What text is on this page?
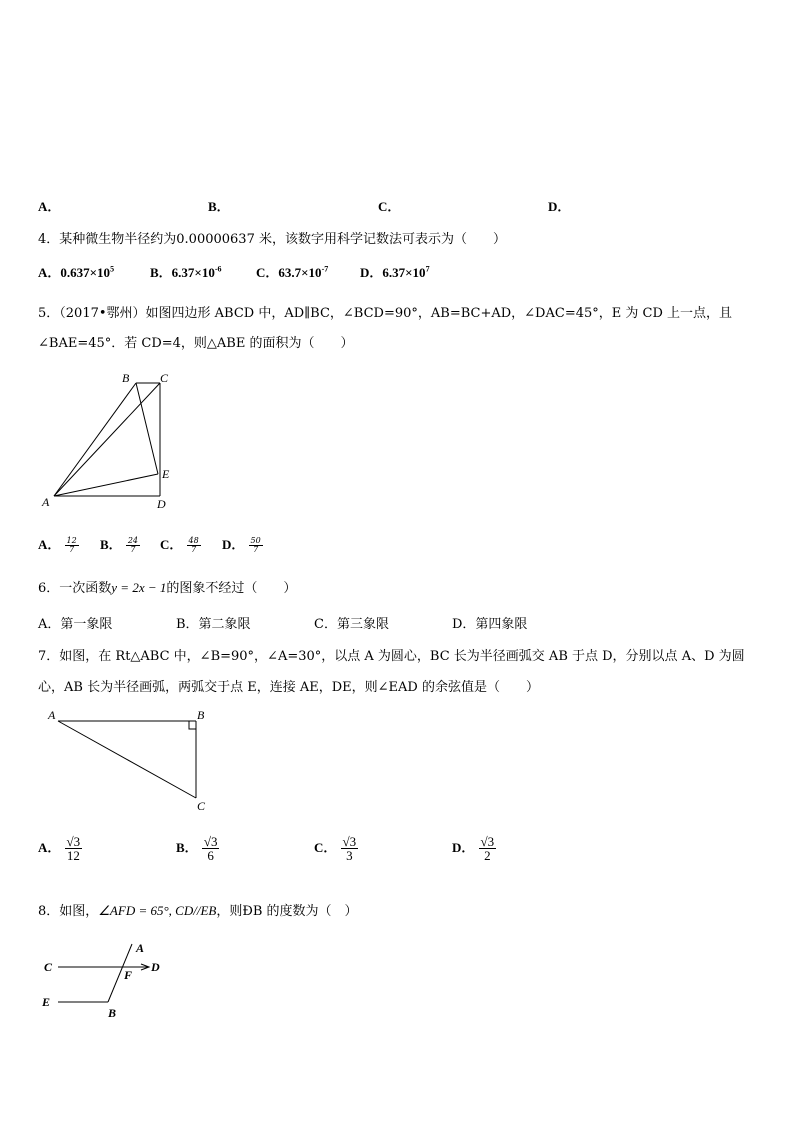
A．	B．	C．	D．
4．某种微生物半径约为0.00000637 米，该数字用科学记数法可表示为（　　）
A．$0.637\times 10^5$	B．$6.37\times 10^{-6}$	C．$63.7\times 10^{-7}$ D．$6.37\times 10^7$
5．（2017•鄂州）如图四边形 ABCD 中，AD∥BC，∠BCD=90°，AB=BC+AD，∠DAC=45°，E 为 CD 上一点，且
∠BAE=45°．若 CD=4，则△ABE 的面积为（　　）
B	C
E
A	D
A． $\frac{12}{7}$ B． $\frac{24}{7}$ C． $\frac{48}{7}$ D． $\frac{50}{7}$
6．一次函数y = 2x − 1的图象不经过（　　）
A．第一象限	B．第二象限	C．第三象限	D．第四象限
7．如图，在 Rt△ABC 中，∠B=90°，∠A=30°，以点 A 为圆心，BC 长为半径画弧交 AB 于点 D，分别以点 A、D 为圆
心，AB 长为半径画弧，两弧交于点 E，连接 AE，DE，则∠EAD 的余弦值是（　　）
A	B
C
A． $\frac{√3}{12}$	B． $\frac{√3}{6}$	C． $\frac{√3}{3}$	D． $\frac{√3}{2}$
8．如图，∠AFD = 65°, CD//EB，则ÐB 的度数为（　）
A
C
F
D
E
B
